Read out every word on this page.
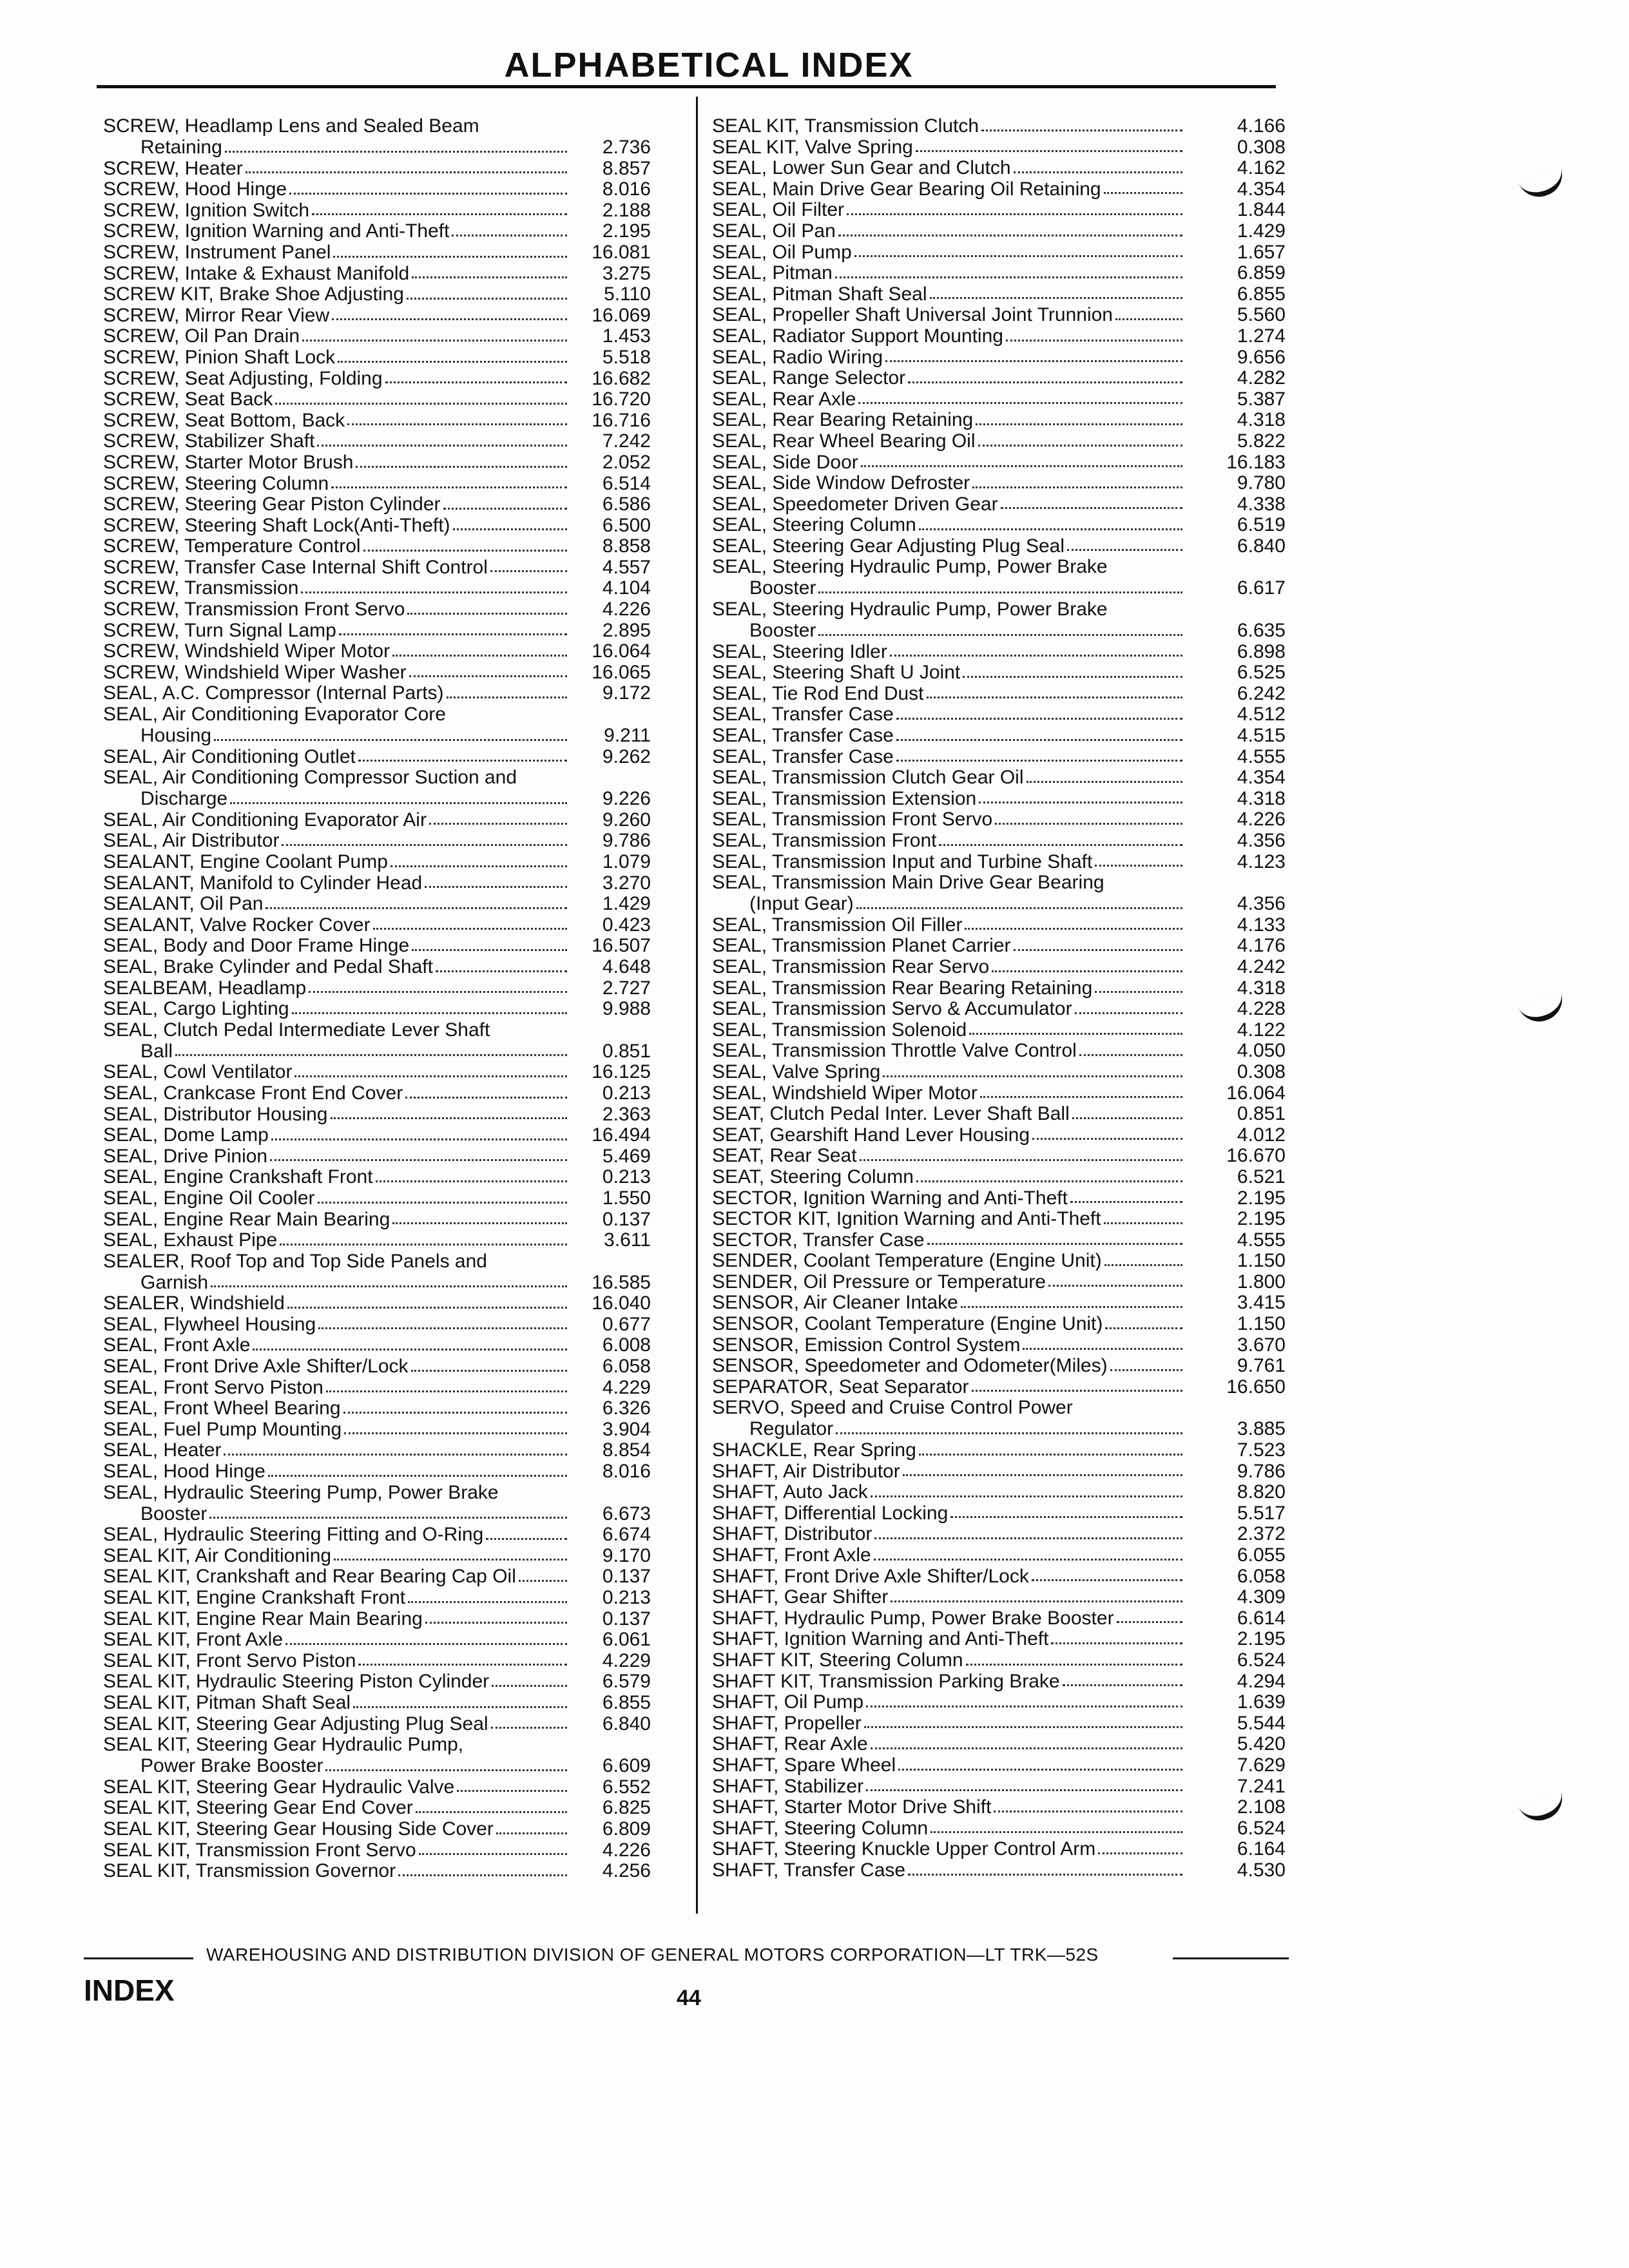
ALPHABETICAL INDEX
SCREW, Headlamp Lens and Sealed Beam
Retaining	2.736
SCREW, Heater	8.857
SCREW, Hood Hinge	8.016
SCREW, Ignition Switch	2.188
SCREW, Ignition Warning and Anti-Theft	2.195
SCREW, Instrument Panel	16.081
SCREW, Intake & Exhaust Manifold	3.275
SCREW KIT, Brake Shoe Adjusting	5.110
SCREW, Mirror Rear View	16.069
SCREW, Oil Pan Drain	1.453
SCREW, Pinion Shaft Lock	5.518
SCREW, Seat Adjusting, Folding	16.682
SCREW, Seat Back	16.720
SCREW, Seat Bottom, Back	16.716
SCREW, Stabilizer Shaft	7.242
SCREW, Starter Motor Brush	2.052
SCREW, Steering Column	6.514
SCREW, Steering Gear Piston Cylinder	6.586
SCREW, Steering Shaft Lock(Anti-Theft)	6.500
SCREW, Temperature Control	8.858
SCREW, Transfer Case Internal Shift Control	4.557
SCREW, Transmission	4.104
SCREW, Transmission Front Servo	4.226
SCREW, Turn Signal Lamp	2.895
SCREW, Windshield Wiper Motor	16.064
SCREW, Windshield Wiper Washer	16.065
SEAL, A.C. Compressor (Internal Parts)	9.172
SEAL, Air Conditioning Evaporator Core
Housing	9.211
SEAL, Air Conditioning Outlet	9.262
SEAL, Air Conditioning Compressor Suction and
Discharge	9.226
SEAL, Air Conditioning Evaporator Air	9.260
SEAL, Air Distributor	9.786
SEALANT, Engine Coolant Pump	1.079
SEALANT, Manifold to Cylinder Head	3.270
SEALANT, Oil Pan	1.429
SEALANT, Valve Rocker Cover	0.423
SEAL, Body and Door Frame Hinge	16.507
SEAL, Brake Cylinder and Pedal Shaft	4.648
SEALBEAM, Headlamp	2.727
SEAL, Cargo Lighting	9.988
SEAL, Clutch Pedal Intermediate Lever Shaft
Ball	0.851
SEAL, Cowl Ventilator	16.125
SEAL, Crankcase Front End Cover	0.213
SEAL, Distributor Housing	2.363
SEAL, Dome Lamp	16.494
SEAL, Drive Pinion	5.469
SEAL, Engine Crankshaft Front	0.213
SEAL, Engine Oil Cooler	1.550
SEAL, Engine Rear Main Bearing	0.137
SEAL, Exhaust Pipe	3.611
SEALER, Roof Top and Top Side Panels and
Garnish	16.585
SEALER, Windshield	16.040
SEAL, Flywheel Housing	0.677
SEAL, Front Axle	6.008
SEAL, Front Drive Axle Shifter/Lock	6.058
SEAL, Front Servo Piston	4.229
SEAL, Front Wheel Bearing	6.326
SEAL, Fuel Pump Mounting	3.904
SEAL, Heater	8.854
SEAL, Hood Hinge	8.016
SEAL, Hydraulic Steering Pump, Power Brake
Booster	6.673
SEAL, Hydraulic Steering Fitting and O-Ring	6.674
SEAL KIT, Air Conditioning	9.170
SEAL KIT, Crankshaft and Rear Bearing Cap Oil	0.137
SEAL KIT, Engine Crankshaft Front	0.213
SEAL KIT, Engine Rear Main Bearing	0.137
SEAL KIT, Front Axle	6.061
SEAL KIT, Front Servo Piston	4.229
SEAL KIT, Hydraulic Steering Piston Cylinder	6.579
SEAL KIT, Pitman Shaft Seal	6.855
SEAL KIT, Steering Gear Adjusting Plug Seal	6.840
SEAL KIT, Steering Gear Hydraulic Pump,
Power Brake Booster	6.609
SEAL KIT, Steering Gear Hydraulic Valve	6.552
SEAL KIT, Steering Gear End Cover	6.825
SEAL KIT, Steering Gear Housing Side Cover	6.809
SEAL KIT, Transmission Front Servo	4.226
SEAL KIT, Transmission Governor	4.256
SEAL KIT, Transmission Clutch	4.166
SEAL KIT, Valve Spring	0.308
SEAL, Lower Sun Gear and Clutch	4.162
SEAL, Main Drive Gear Bearing Oil Retaining	4.354
SEAL, Oil Filter	1.844
SEAL, Oil Pan	1.429
SEAL, Oil Pump	1.657
SEAL, Pitman	6.859
SEAL, Pitman Shaft Seal	6.855
SEAL, Propeller Shaft Universal Joint Trunnion	5.560
SEAL, Radiator Support Mounting	1.274
SEAL, Radio Wiring	9.656
SEAL, Range Selector	4.282
SEAL, Rear Axle	5.387
SEAL, Rear Bearing Retaining	4.318
SEAL, Rear Wheel Bearing Oil	5.822
SEAL, Side Door	16.183
SEAL, Side Window Defroster	9.780
SEAL, Speedometer Driven Gear	4.338
SEAL, Steering Column	6.519
SEAL, Steering Gear Adjusting Plug Seal	6.840
SEAL, Steering Hydraulic Pump, Power Brake
Booster	6.617
SEAL, Steering Hydraulic Pump, Power Brake
Booster	6.635
SEAL, Steering Idler	6.898
SEAL, Steering Shaft U Joint	6.525
SEAL, Tie Rod End Dust	6.242
SEAL, Transfer Case	4.512
SEAL, Transfer Case	4.515
SEAL, Transfer Case	4.555
SEAL, Transmission Clutch Gear Oil	4.354
SEAL, Transmission Extension	4.318
SEAL, Transmission Front Servo	4.226
SEAL, Transmission Front	4.356
SEAL, Transmission Input and Turbine Shaft	4.123
SEAL, Transmission Main Drive Gear Bearing
(Input Gear)	4.356
SEAL, Transmission Oil Filler	4.133
SEAL, Transmission Planet Carrier	4.176
SEAL, Transmission Rear Servo	4.242
SEAL, Transmission Rear Bearing Retaining	4.318
SEAL, Transmission Servo & Accumulator	4.228
SEAL, Transmission Solenoid	4.122
SEAL, Transmission Throttle Valve Control	4.050
SEAL, Valve Spring	0.308
SEAL, Windshield Wiper Motor	16.064
SEAT, Clutch Pedal Inter. Lever Shaft Ball	0.851
SEAT, Gearshift Hand Lever Housing	4.012
SEAT, Rear Seat	16.670
SEAT, Steering Column	6.521
SECTOR, Ignition Warning and Anti-Theft	2.195
SECTOR KIT, Ignition Warning and Anti-Theft	2.195
SECTOR, Transfer Case	4.555
SENDER, Coolant Temperature (Engine Unit)	1.150
SENDER, Oil Pressure or Temperature	1.800
SENSOR, Air Cleaner Intake	3.415
SENSOR, Coolant Temperature (Engine Unit)	1.150
SENSOR, Emission Control System	3.670
SENSOR, Speedometer and Odometer(Miles)	9.761
SEPARATOR, Seat Separator	16.650
SERVO, Speed and Cruise Control Power
Regulator	3.885
SHACKLE, Rear Spring	7.523
SHAFT, Air Distributor	9.786
SHAFT, Auto Jack	8.820
SHAFT, Differential Locking	5.517
SHAFT, Distributor	2.372
SHAFT, Front Axle	6.055
SHAFT, Front Drive Axle Shifter/Lock	6.058
SHAFT, Gear Shifter	4.309
SHAFT, Hydraulic Pump, Power Brake Booster	6.614
SHAFT, Ignition Warning and Anti-Theft	2.195
SHAFT KIT, Steering Column	6.524
SHAFT KIT, Transmission Parking Brake	4.294
SHAFT, Oil Pump	1.639
SHAFT, Propeller	5.544
SHAFT, Rear Axle	5.420
SHAFT, Spare Wheel	7.629
SHAFT, Stabilizer	7.241
SHAFT, Starter Motor Drive Shift	2.108
SHAFT, Steering Column	6.524
SHAFT, Steering Knuckle Upper Control Arm	6.164
SHAFT, Transfer Case	4.530
WAREHOUSING AND DISTRIBUTION DIVISION OF GENERAL MOTORS CORPORATION—LT TRK—52S
INDEX	44
